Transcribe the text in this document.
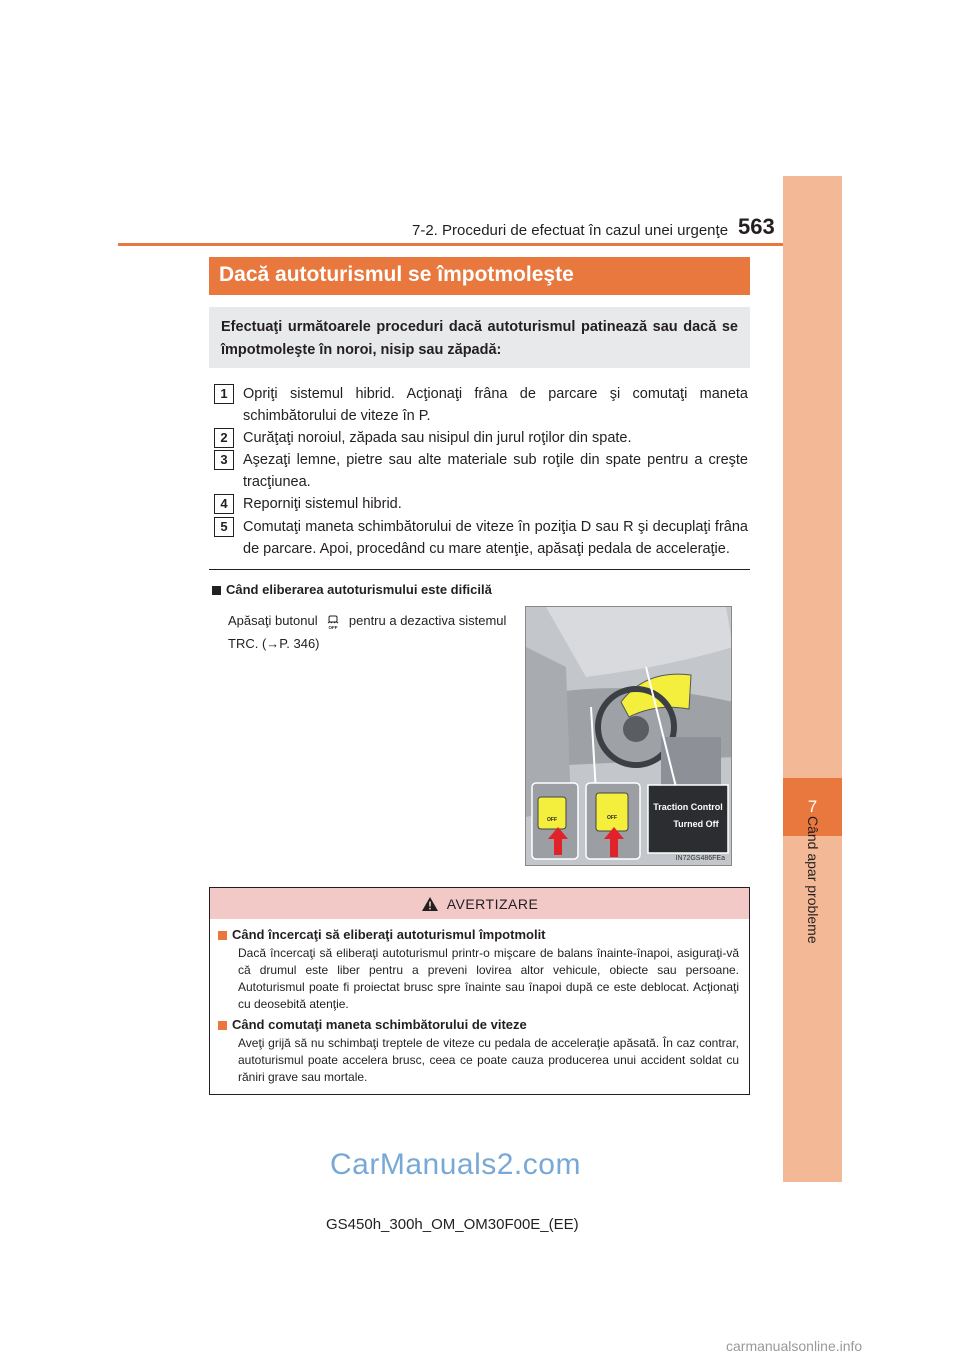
7-2. Proceduri de efectuat în cazul unei urgenţe 563
7
Când apar probleme
Dacă autoturismul se împotmoleşte
Efectuaţi următoarele proceduri dacă autoturismul patinează sau dacă se împotmoleşte în noroi, nisip sau zăpadă:
1	Opriţi sistemul hibrid. Acţionaţi frâna de parcare şi comutaţi maneta schimbătorului de viteze în P.
2	Curăţaţi noroiul, zăpada sau nisipul din jurul roţilor din spate.
3	Aşezaţi lemne, pietre sau alte materiale sub roţile din spate pentru a creşte tracţiunea.
4	Reporniţi sistemul hibrid.
5	Comutaţi maneta schimbătorului de viteze în poziţia D sau R şi decuplaţi frâna de parcare. Apoi, procedând cu mare atenţie, apăsaţi pedala de acceleraţie.
Când eliberarea autoturismului este dificilă
Apăsaţi butonul OFF pentru a dezactiva sistemul TRC. (→P. 346)
OFF	OFF
Traction Control
Turned Off
IN72GS486FEa
AVERTIZARE
Când încercaţi să eliberaţi autoturismul împotmolit
Dacă încercaţi să eliberaţi autoturismul printr-o mişcare de balans înainte-înapoi, asiguraţi-vă că drumul este liber pentru a preveni lovirea altor vehicule, obiecte sau persoane. Autoturismul poate fi proiectat brusc spre înainte sau înapoi după ce este deblocat. Acţionaţi cu deosebită atenţie.
Când comutaţi maneta schimbătorului de viteze
Aveţi grijă să nu schimbaţi treptele de viteze cu pedala de acceleraţie apăsată. În caz contrar, autoturismul poate accelera brusc, ceea ce poate cauza producerea unui accident soldat cu răniri grave sau mortale.
CarManuals2.com
GS450h_300h_OM_OM30F00E_(EE)
carmanualsonline.info
